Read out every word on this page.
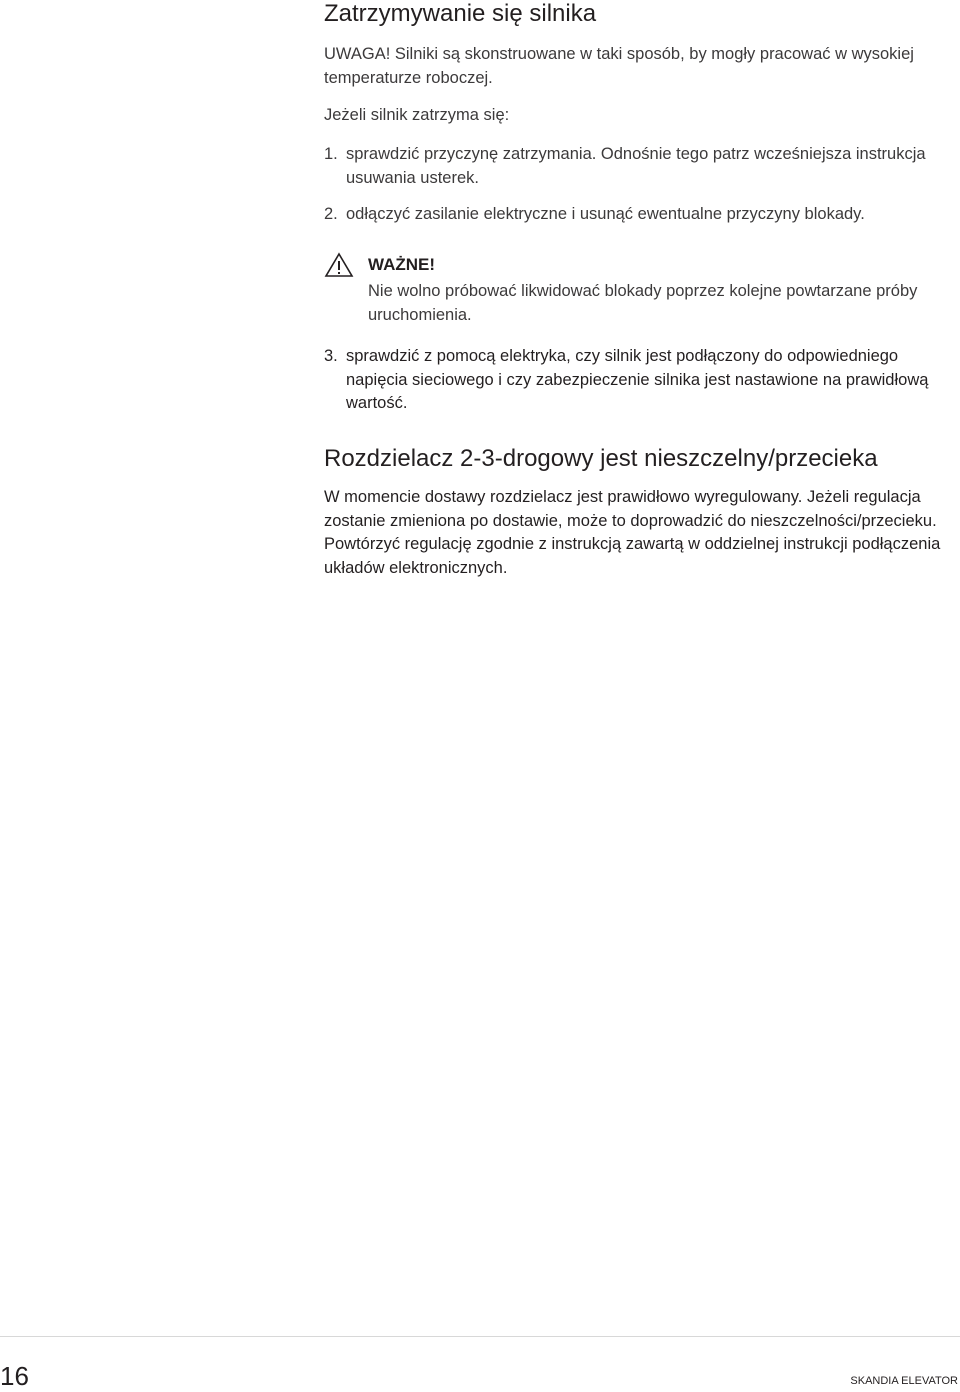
Zatrzymywanie się silnika
UWAGA! Silniki są skonstruowane w taki sposób, by mogły pracować w wysokiej temperaturze roboczej.
Jeżeli silnik zatrzyma się:
1. sprawdzić przyczynę zatrzymania. Odnośnie tego patrz wcześniejsza instrukcja usuwania usterek.
2. odłączyć zasilanie elektryczne i usunąć ewentualne przyczyny blokady.
WAŻNE!
Nie wolno próbować likwidować blokady poprzez kolejne powtarzane próby uruchomienia.
3. sprawdzić z pomocą elektryka, czy silnik jest podłączony do odpowiedniego napięcia sieciowego i czy zabezpieczenie silnika jest nastawione na prawidłową wartość.
Rozdzielacz 2-3-drogowy jest nieszczelny/przecieka
W momencie dostawy rozdzielacz jest prawidłowo wyregulowany. Jeżeli regulacja zostanie zmieniona po dostawie, może to doprowadzić do nieszczelności/przecieku. Powtórzyć regulację zgodnie z instrukcją zawartą w oddzielnej instrukcji podłączenia układów elektronicznych.
16	SKANDIA ELEVATOR
